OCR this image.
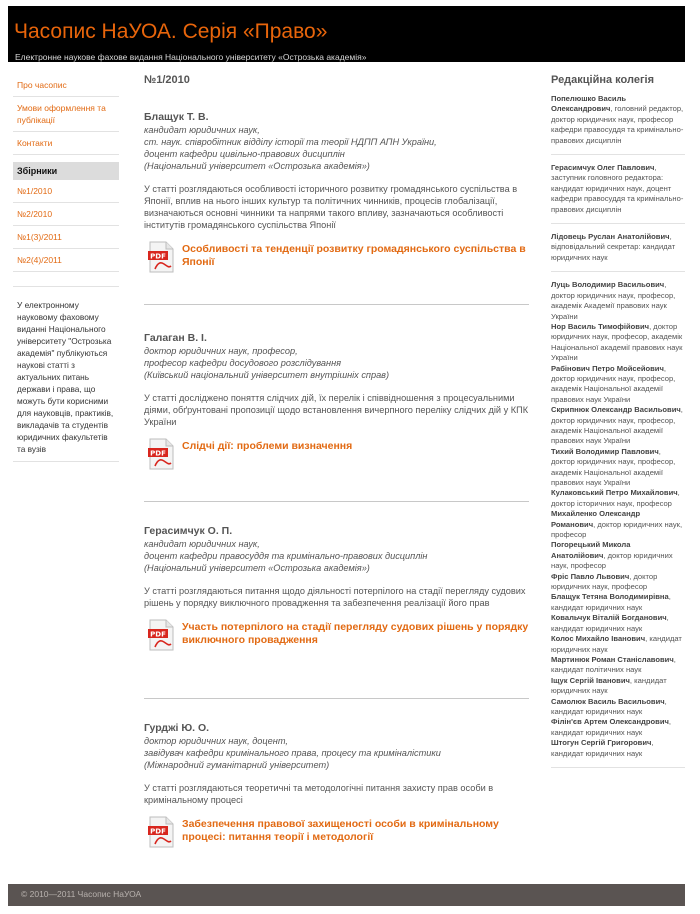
Часопис НаУОА. Серія «Право»
Електронне наукове фахове видання Національного університету «Острозька академія»
Про часопис
Умови оформлення та публікації
Контакти
Збірники
№1/2010
№2/2010
№1(3)/2011
№2(4)/2011
У електронному науковому фаховому виданні Національного університету "Острозька академія" публікуються наукові статті з актуальних питань держави і права, що можуть бути корисними для науковців, практиків, викладачів та студентів юридичних факультетів та вузів
№1/2010
Блащук Т. В.
кандидат юридичних наук,
ст. наук. співробітник відділу історії та теорії НДПП АПН України,
доцент кафедри цивільно-правових дисциплін
(Національний університет «Острозька академія»)
У статті розглядаються особливості історичного розвитку громадянського суспільства в Японії, вплив на нього інших культур та політичних чинників, процесів глобалізації, визначаються основні чинники та напрями такого впливу, зазначаються особливості інститутів громадянського суспільства Японії
PDF
Особливості та тенденції розвитку громадянського суспільства в Японії
Галаган В. І.
доктор юридичних наук, професор,
професор кафедри досудового розслідування
(Київський національний університет внутрішніх справ)
У статті досліджено поняття слідчих дій, їх перелік і співвідношення з процесуальними діями, обґрунтовані пропозиції щодо встановлення вичерпного переліку слідчих дій у КПК України
PDF
Слідчі дії: проблеми визначення
Герасимчук О. П.
кандидат юридичних наук,
доцент кафедри правосуддя та кримінально-правових дисциплін
(Національний університет «Острозька академія»)
У статті розглядаються питання щодо діяльності потерпілого на стадії перегляду судових рішень у порядку виключного провадження та забезпечення реалізації його прав
PDF
Участь потерпілого на стадії перегляду судових рішень у порядку виключного провадження
Гурджі Ю. О.
доктор юридичних наук, доцент,
завідувач кафедри кримінального права, процесу та криміналістики
(Міжнародний гуманітарний університет)
У статті розглядаються теоретичні та методологічні питання захисту прав особи в кримінальному процесі
PDF
Забезпечення правової захищеності особи в кримінальному процесі: питання теорії і методології
Редакційна колегія
Попелюшко Василь Олександрович, головний редактор, доктор юридичних наук, професор кафедри правосуддя та кримінально-правових дисциплін
Герасимчук Олег Павлович, заступник головного редактора: кандидат юридичних наук, доцент кафедри правосуддя та кримінально-правових дисциплін
Лідовець Руслан Анатолійович, відповідальний секретар: кандидат юридичних наук
Луць Володимир Васильович, доктор юридичних наук, професор, академік Академії правових наук України
Нор Василь Тимофійович, доктор юридичних наук, професор, академік Національної академії правових наук України
Рабінович Петро Мойсейович, доктор юридичних наук, професор, академік Національної академії правових наук України
Скрипнюк Олександр Васильович, доктор юридичних наук, професор, академік Національної академії правових наук України
Тихий Володимир Павлович, доктор юридичних наук, професор, академік Національної академії правових наук України
Кулаковський Петро Михайлович, доктор історичних наук, професор
Михайленко Олександр Романович, доктор юридичних наук, професор
Погорецький Микола Анатолійович, доктор юридичних наук, професор
Фріс Павло Львович, доктор юридичних наук, професор
Блащук Тетяна Володимирівна, кандидат юридичних наук
Ковальчук Віталій Богданович, кандидат юридичних наук
Колос Михайло Іванович, кандидат юридичних наук
Мартинюк Роман Станіславович, кандидат політичних наук
Іщук Сергій Іванович, кандидат юридичних наук
Самолюк Василь Васильович, кандидат юридичних наук
Філін'єв Артем Олександрович, кандидат юридичних наук
Штогун Сергій Григорович, кандидат юридичних наук
© 2010—2011 Часопис НаУОА
